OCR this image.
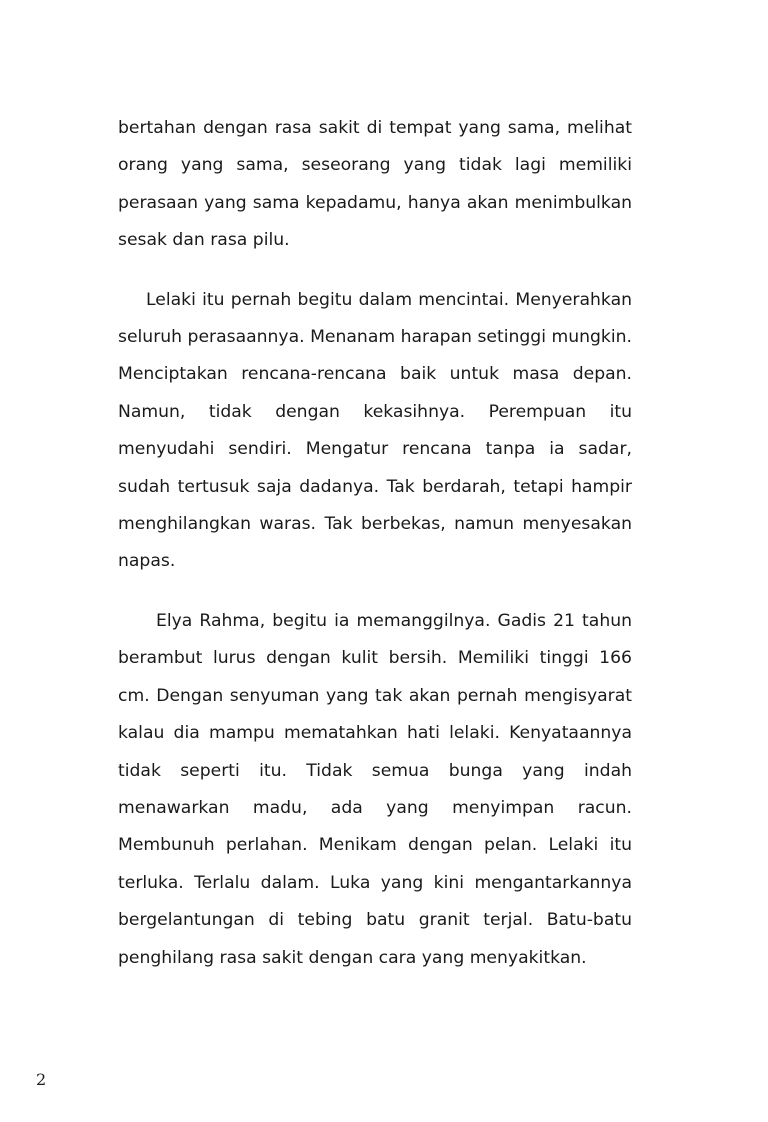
bertahan dengan rasa sakit di tempat yang sama, melihat orang yang sama, seseorang yang tidak lagi memiliki perasaan yang sama kepadamu, hanya akan menimbulkan sesak dan rasa pilu.

Lelaki itu pernah begitu dalam mencintai. Menyerahkan seluruh perasaannya. Menanam harapan setinggi mungkin. Menciptakan rencana-rencana baik untuk masa depan. Namun, tidak dengan kekasihnya. Perempuan itu menyudahi sendiri. Mengatur rencana tanpa ia sadar, sudah tertusuk saja dadanya. Tak berdarah, tetapi hampir menghilangkan waras. Tak berbekas, namun menyesakan napas.

Elya Rahma, begitu ia memanggilnya. Gadis 21 tahun berambut lurus dengan kulit bersih. Memiliki tinggi 166 cm. Dengan senyuman yang tak akan pernah mengisyarat kalau dia mampu mematahkan hati lelaki. Kenyataannya tidak seperti itu. Tidak semua bunga yang indah menawarkan madu, ada yang menyimpan racun. Membunuh perlahan. Menikam dengan pelan. Lelaki itu terluka. Terlalu dalam. Luka yang kini mengantarkannya bergelantungan di tebing batu granit terjal. Batu-batu penghilang rasa sakit dengan cara yang menyakitkan.

2
